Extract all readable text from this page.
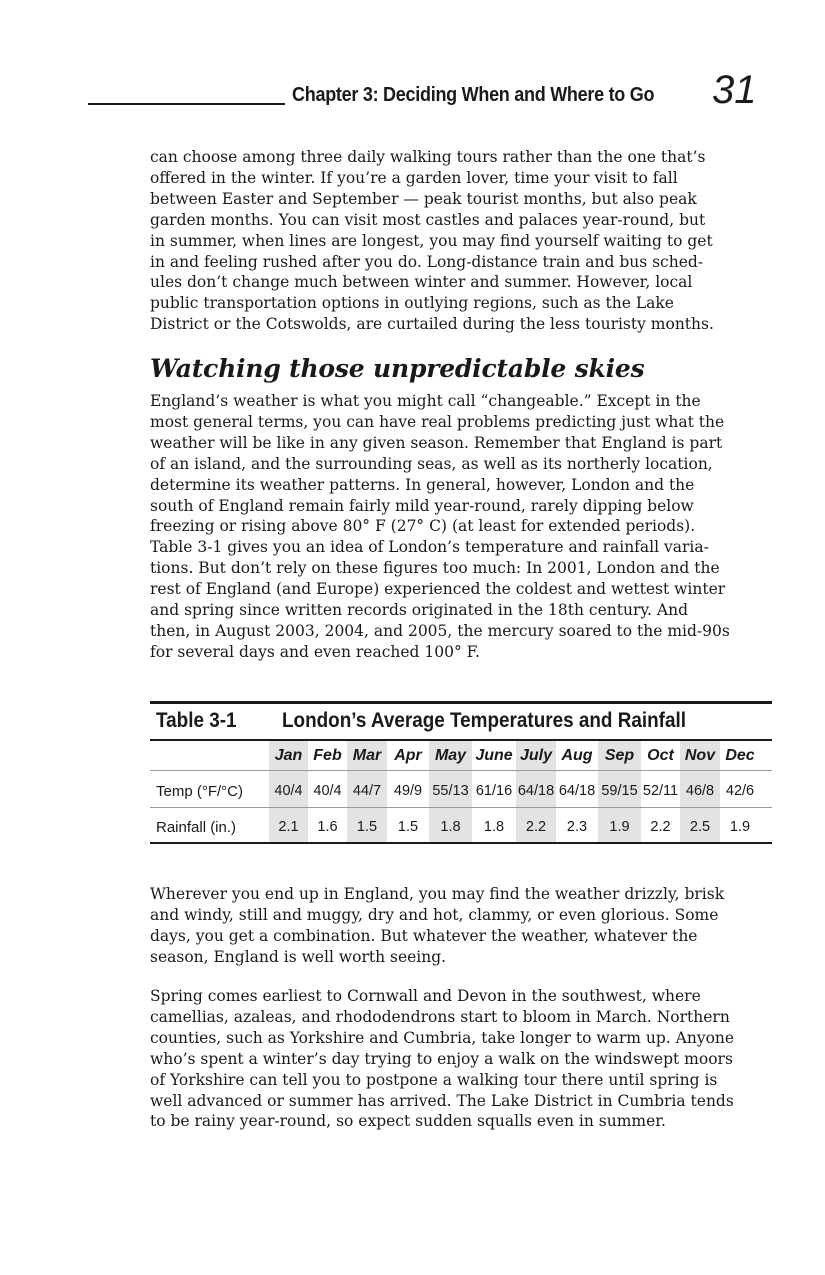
Chapter 3: Deciding When and Where to Go 31
can choose among three daily walking tours rather than the one that’s
offered in the winter. If you’re a garden lover, time your visit to fall
between Easter and September — peak tourist months, but also peak
garden months. You can visit most castles and palaces year-round, but
in summer, when lines are longest, you may find yourself waiting to get
in and feeling rushed after you do. Long-distance train and bus sched-
ules don’t change much between winter and summer. However, local
public transportation options in outlying regions, such as the Lake
District or the Cotswolds, are curtailed during the less touristy months.
Watching those unpredictable skies
England’s weather is what you might call “changeable.” Except in the
most general terms, you can have real problems predicting just what the
weather will be like in any given season. Remember that England is part
of an island, and the surrounding seas, as well as its northerly location,
determine its weather patterns. In general, however, London and the
south of England remain fairly mild year-round, rarely dipping below
freezing or rising above 80° F (27° C) (at least for extended periods).
Table 3-1 gives you an idea of London’s temperature and rainfall varia-
tions. But don’t rely on these figures too much: In 2001, London and the
rest of England (and Europe) experienced the coldest and wettest winter
and spring since written records originated in the 18th century. And
then, in August 2003, 2004, and 2005, the mercury soared to the mid-90s
for several days and even reached 100° F.
Table 3-1 London’s Average Temperatures and Rainfall
Jan
40/4
2.1
Feb
40/4
1.6
Mar
44/7
1.5
Apr
49/9
1.5
May
55/13
1.8
June
61/16
1.8
July
64/18
2.2
Aug
64/18
2.3
Sep
59/15
1.9
Oct
52/11
2.2
Nov
46/8
2.5
Dec
42/6
1.9
Temp (°F/°C)
Rainfall (in.)
Wherever you end up in England, you may find the weather drizzly, brisk
and windy, still and muggy, dry and hot, clammy, or even glorious. Some
days, you get a combination. But whatever the weather, whatever the
season, England is well worth seeing.
Spring comes earliest to Cornwall and Devon in the southwest, where
camellias, azaleas, and rhododendrons start to bloom in March. Northern
counties, such as Yorkshire and Cumbria, take longer to warm up. Anyone
who’s spent a winter’s day trying to enjoy a walk on the windswept moors
of Yorkshire can tell you to postpone a walking tour there until spring is
well advanced or summer has arrived. The Lake District in Cumbria tends
to be rainy year-round, so expect sudden squalls even in summer.
